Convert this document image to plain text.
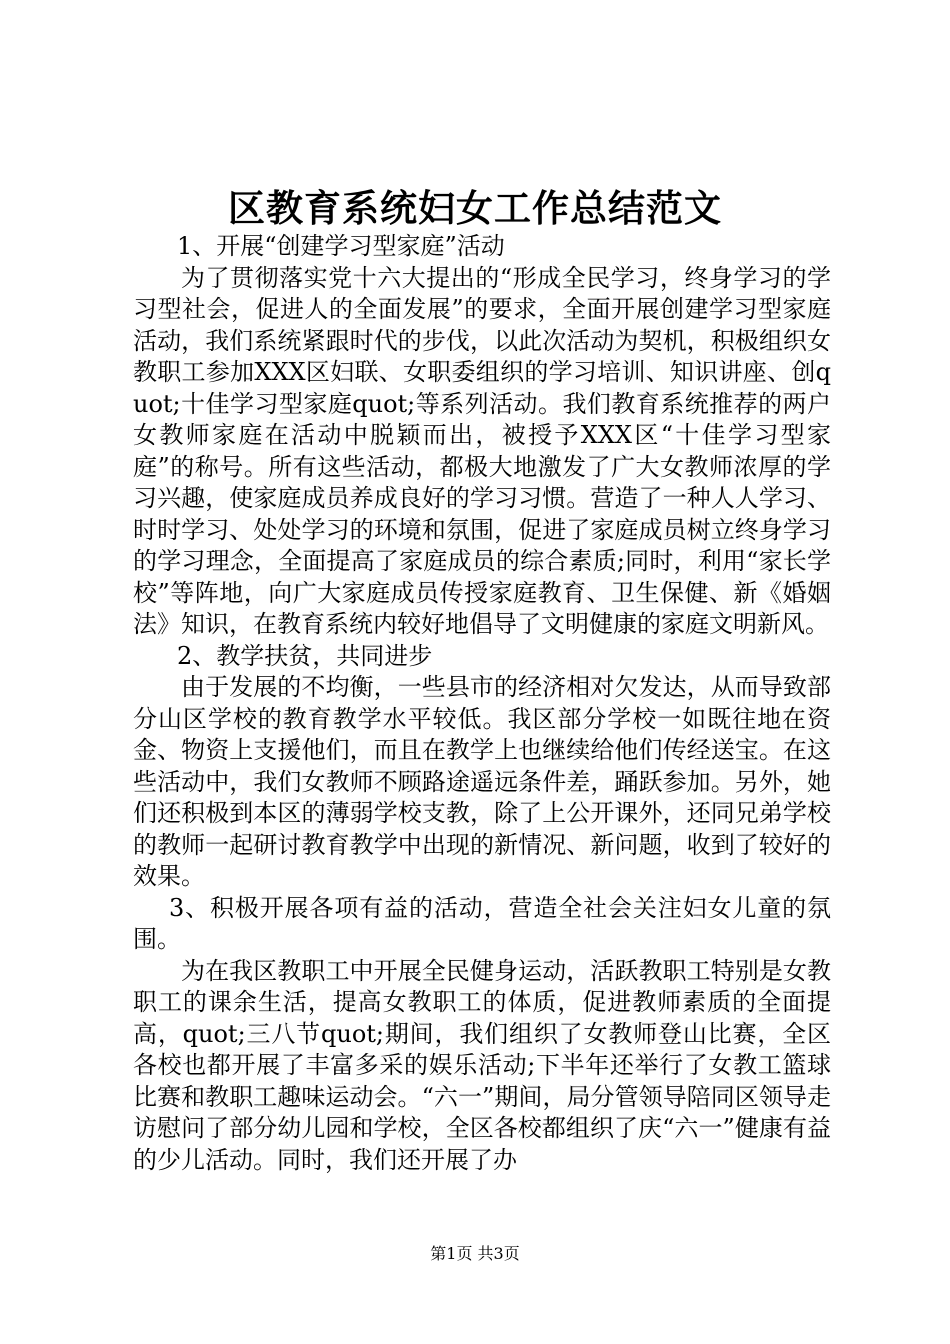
区教育系统妇女工作总结范文

1、开展“创建学习型家庭”活动

为了贯彻落实党十六大提出的“形成全民学习，终身学习的学习型社会，促进人的全面发展”的要求，全面开展创建学习型家庭活动，我们系统紧跟时代的步伐，以此次活动为契机，积极组织女教职工参加XXX区妇联、女职委组织的学习培训、知识讲座、创quot;十佳学习型家庭quot;等系列活动。我们教育系统推荐的两户女教师家庭在活动中脱颖而出，被授予XXX区“十佳学习型家庭”的称号。所有这些活动，都极大地激发了广大女教师浓厚的学习兴趣，使家庭成员养成良好的学习习惯。营造了一种人人学习、时时学习、处处学习的环境和氛围，促进了家庭成员树立终身学习的学习理念，全面提高了家庭成员的综合素质;同时，利用“家长学校”等阵地，向广大家庭成员传授家庭教育、卫生保健、新《婚姻法》知识，在教育系统内较好地倡导了文明健康的家庭文明新风。

2、教学扶贫，共同进步

由于发展的不均衡，一些县市的经济相对欠发达，从而导致部分山区学校的教育教学水平较低。我区部分学校一如既往地在资金、物资上支援他们，而且在教学上也继续给他们传经送宝。在这些活动中，我们女教师不顾路途遥远条件差，踊跃参加。另外，她们还积极到本区的薄弱学校支教，除了上公开课外，还同兄弟学校的教师一起研讨教育教学中出现的新情况、新问题，收到了较好的效果。

3、积极开展各项有益的活动，营造全社会关注妇女儿童的氛围。

为在我区教职工中开展全民健身运动，活跃教职工特别是女教职工的课余生活，提高女教职工的体质，促进教师素质的全面提高，quot;三八节quot;期间，我们组织了女教师登山比赛，全区各校也都开展了丰富多采的娱乐活动;下半年还举行了女教工篮球比赛和教职工趣味运动会。“六一”期间，局分管领导陪同区领导走访慰问了部分幼儿园和学校，全区各校都组织了庆“六一”健康有益的少儿活动。同时，我们还开展了办

第1页 共3页
